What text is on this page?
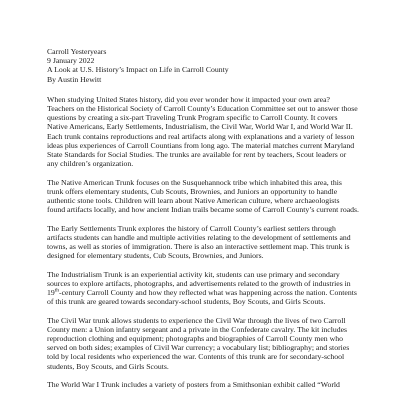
Carroll Yesteryears
9 January 2022
A Look at U.S. History’s Impact on Life in Carroll County
By Austin Hewitt

When studying United States history, did you ever wonder how it impacted your own area? Teachers on the Historical Society of Carroll County’s Education Committee set out to answer those questions by creating a six-part Traveling Trunk Program specific to Carroll County. It covers Native Americans, Early Settlements, Industrialism, the Civil War, World War I, and World War II. Each trunk contains reproductions and real artifacts along with explanations and a variety of lesson ideas plus experiences of Carroll Countians from long ago. The material matches current Maryland State Standards for Social Studies. The trunks are available for rent by teachers, Scout leaders or any children’s organization.

The Native American Trunk focuses on the Susquehannock tribe which inhabited this area, this trunk offers elementary students, Cub Scouts, Brownies, and Juniors an opportunity to handle authentic stone tools. Children will learn about Native American culture, where archaeologists found artifacts locally, and how ancient Indian trails became some of Carroll County’s current roads.

The Early Settlements Trunk explores the history of Carroll County’s earliest settlers through artifacts students can handle and multiple activities relating to the development of settlements and towns, as well as stories of immigration. There is also an interactive settlement map. This trunk is designed for elementary students, Cub Scouts, Brownies, and Juniors.

The Industrialism Trunk is an experiential activity kit, students can use primary and secondary sources to explore artifacts, photographs, and advertisements related to the growth of industries in 19th-century Carroll County and how they reflected what was happening across the nation. Contents of this trunk are geared towards secondary-school students, Boy Scouts, and Girls Scouts.

The Civil War trunk allows students to experience the Civil War through the lives of two Carroll County men: a Union infantry sergeant and a private in the Confederate cavalry. The kit includes reproduction clothing and equipment; photographs and biographies of Carroll County men who served on both sides; examples of Civil War currency; a vocabulary list; bibliography; and stories told by local residents who experienced the war. Contents of this trunk are for secondary-school students, Boy Scouts, and Girls Scouts.

The World War I Trunk includes a variety of posters from a Smithsonian exhibit called “World
